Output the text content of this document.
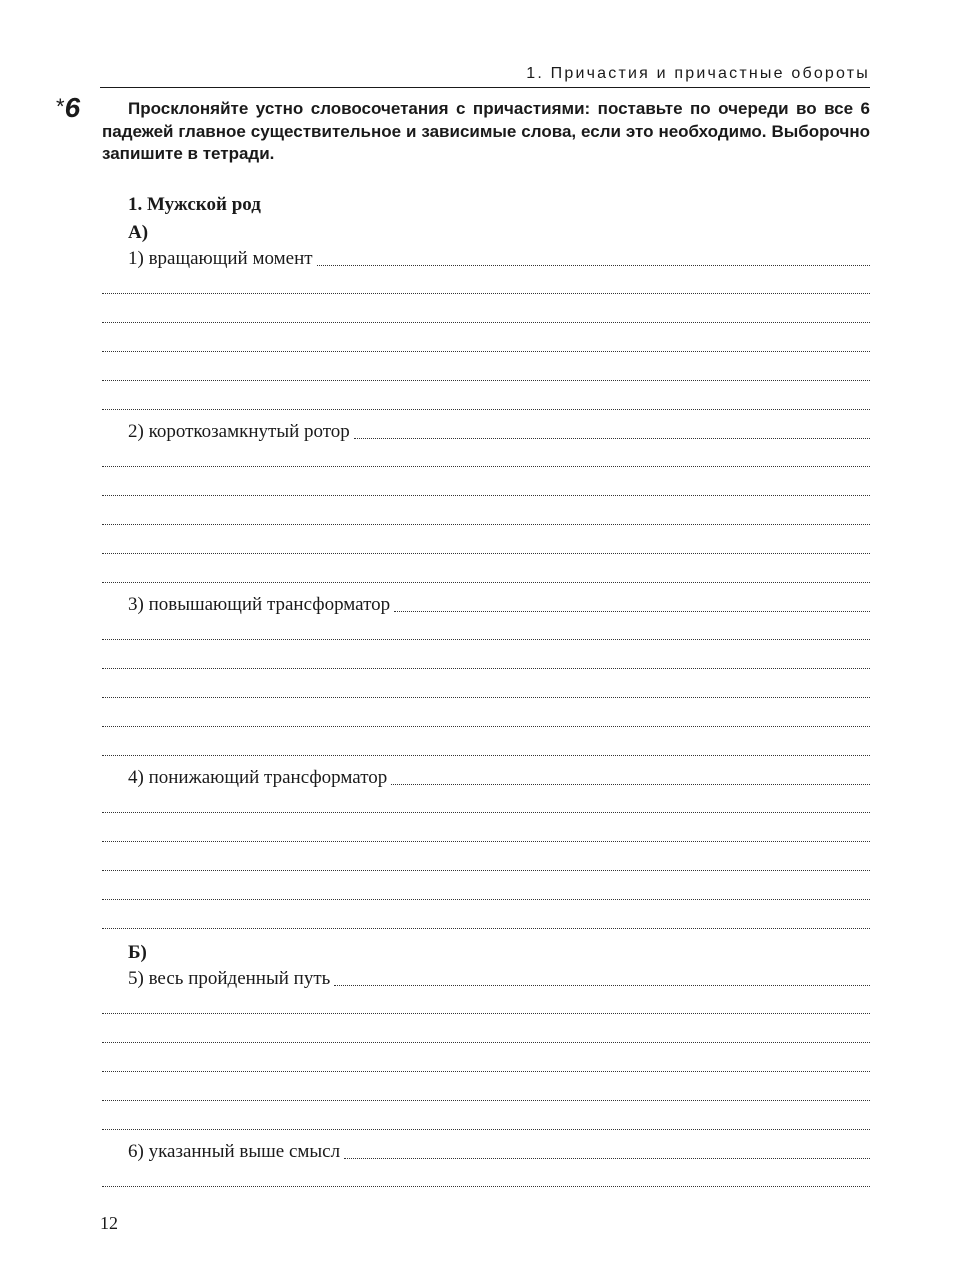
1. Причастия и причастные обороты
*6	Просклоняйте устно словосочетания с причастиями: поставьте по очереди во все 6 падежей главное существительное и зависимые слова, если это необходимо. Выборочно запишите в тетради.

1. Мужской род
А)
1) вращающий момент
2) короткозамкнутый ротор
3) повышающий трансформатор
4) понижающий трансформатор
Б)
5) весь пройденный путь
6) указанный выше смысл
12
